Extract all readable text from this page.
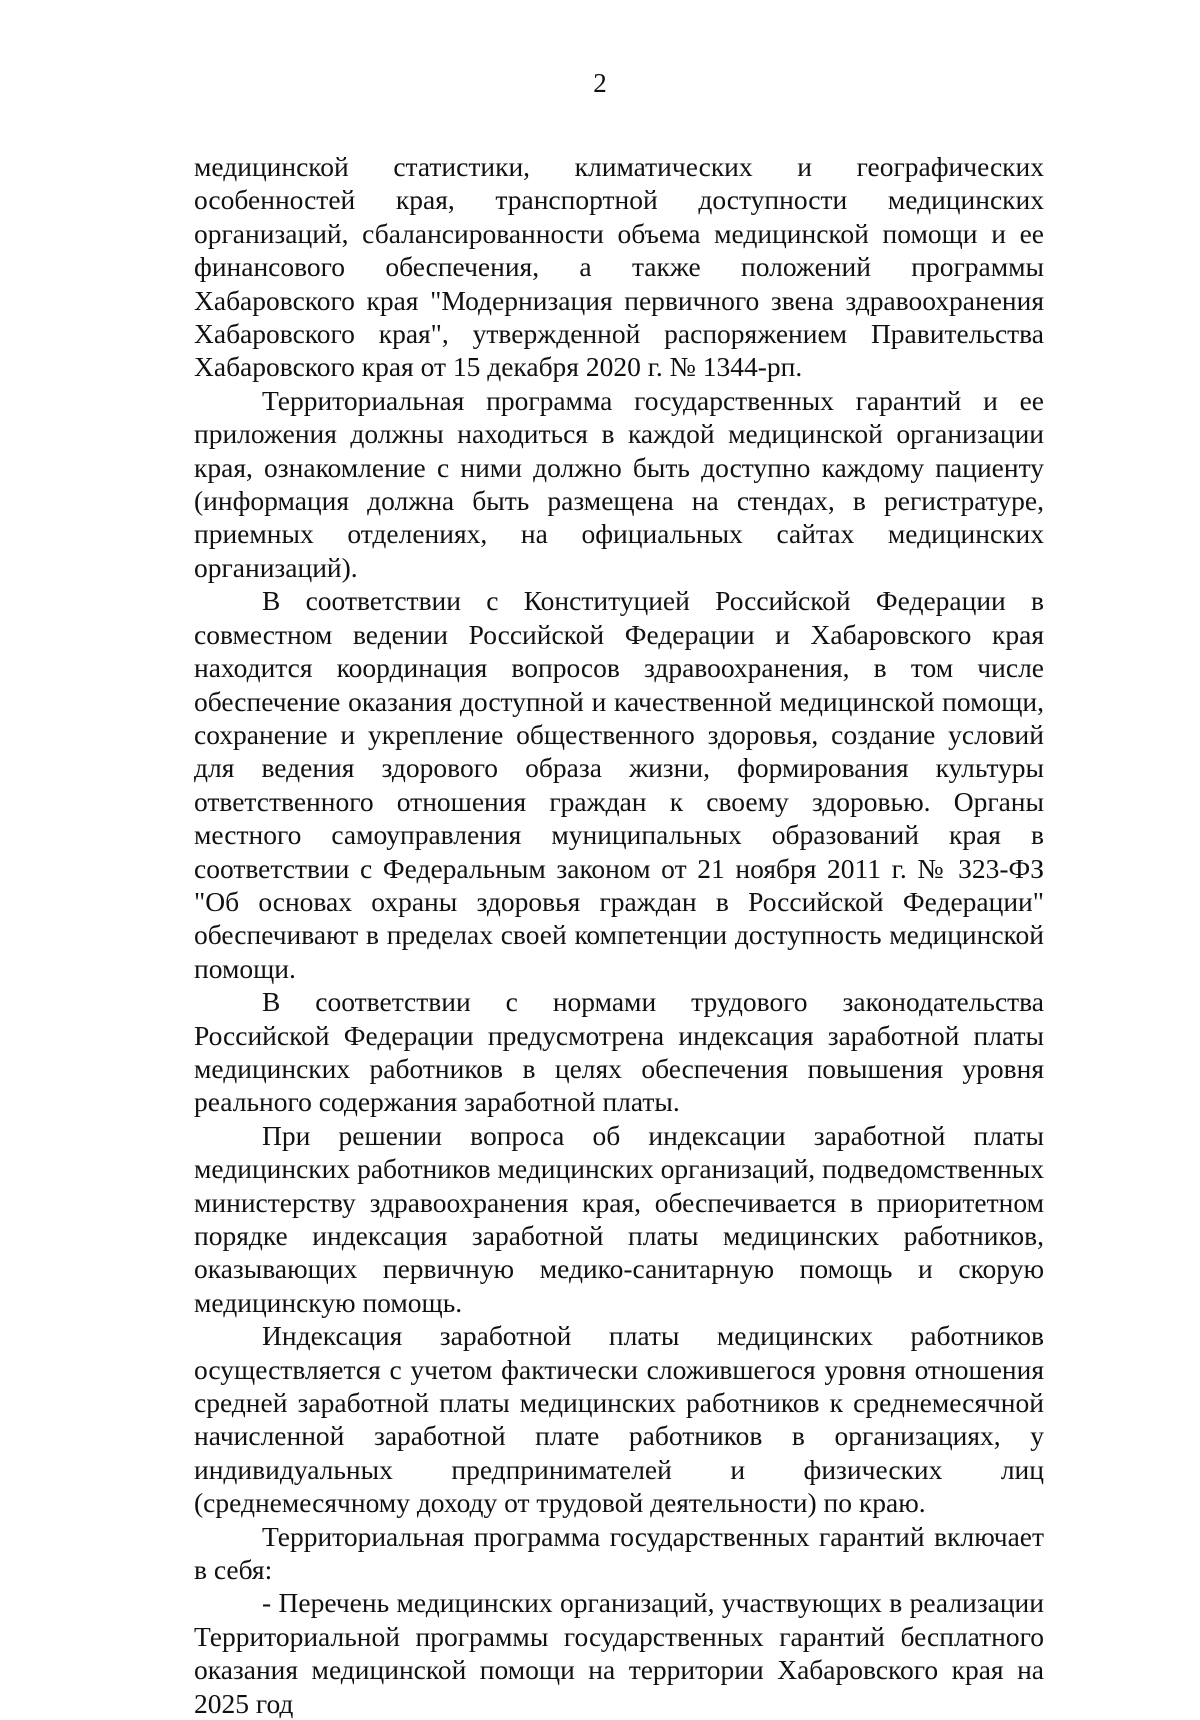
2

медицинской статистики, климатических и географических особенностей края, транспортной доступности медицинских организаций, сбалансированности объема медицинской помощи и ее финансового обеспечения, а также положений программы Хабаровского края "Модернизация первичного звена здравоохранения Хабаровского края", утвержденной распоряжением Правительства Хабаровского края от 15 декабря 2020 г. № 1344-рп.

Территориальная программа государственных гарантий и ее приложения должны находиться в каждой медицинской организации края, ознакомление с ними должно быть доступно каждому пациенту (информация должна быть размещена на стендах, в регистратуре, приемных отделениях, на официальных сайтах медицинских организаций).

В соответствии с Конституцией Российской Федерации в совместном ведении Российской Федерации и Хабаровского края находится координация вопросов здравоохранения, в том числе обеспечение оказания доступной и качественной медицинской помощи, сохранение и укрепление общественного здоровья, создание условий для ведения здорового образа жизни, формирования культуры ответственного отношения граждан к своему здоровью. Органы местного самоуправления муниципальных образований края в соответствии с Федеральным законом от 21 ноября 2011 г. № 323-ФЗ "Об основах охраны здоровья граждан в Российской Федерации" обеспечивают в пределах своей компетенции доступность медицинской помощи.

В соответствии с нормами трудового законодательства Российской Федерации предусмотрена индексация заработной платы медицинских работников в целях обеспечения повышения уровня реального содержания заработной платы.

При решении вопроса об индексации заработной платы медицинских работников медицинских организаций, подведомственных министерству здравоохранения края, обеспечивается в приоритетном порядке индексация заработной платы медицинских работников, оказывающих первичную медико-санитарную помощь и скорую медицинскую помощь.

Индексация заработной платы медицинских работников осуществляется с учетом фактически сложившегося уровня отношения средней заработной платы медицинских работников к среднемесячной начисленной заработной плате работников в организациях, у индивидуальных предпринимателей и физических лиц (среднемесячному доходу от трудовой деятельности) по краю.

Территориальная программа государственных гарантий включает в себя:

- Перечень медицинских организаций, участвующих в реализации Территориальной программы государственных гарантий бесплатного оказания медицинской помощи на территории Хабаровского края на 2025 год
